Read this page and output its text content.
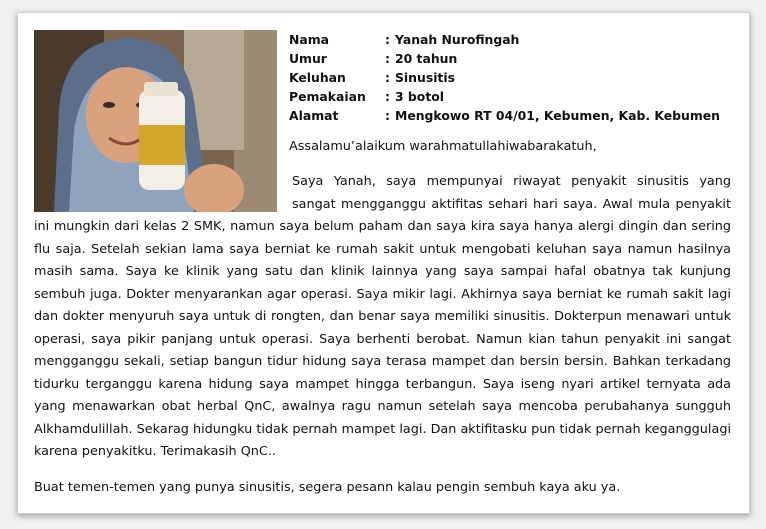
Nama	: Yanah Nurofingah
Umur	: 20 tahun
Keluhan	: Sinusitis
Pemakaian	: 3 botol
Alamat	: Mengkowo RT 04/01, Kebumen, Kab. Kebumen
Assalamu’alaikum warahmatullahiwabarakatuh,

Saya Yanah, saya mempunyai riwayat penyakit sinusitis yang sangat mengganggu aktifitas sehari hari saya. Awal mula penyakit ini mungkin dari kelas 2 SMK, namun saya belum paham dan saya kira saya hanya alergi dingin dan sering flu saja. Setelah sekian lama saya berniat ke rumah sakit untuk mengobati keluhan saya namun hasilnya masih sama. Saya ke klinik yang satu dan klinik lainnya yang saya sampai hafal obatnya tak kunjung sembuh juga. Dokter menyarankan agar operasi. Saya mikir lagi. Akhirnya saya berniat ke rumah sakit lagi dan dokter menyuruh saya untuk di rongten, dan benar saya memiliki sinusitis. Dokterpun menawari untuk operasi, saya pikir panjang untuk operasi. Saya berhenti berobat. Namun kian tahun penyakit ini sangat mengganggu sekali, setiap bangun tidur hidung saya terasa mampet dan bersin bersin. Bahkan terkadang tidurku terganggu karena hidung saya mampet hingga terbangun. Saya iseng nyari artikel ternyata ada yang menawarkan obat herbal QnC, awalnya ragu namun setelah saya mencoba perubahanya sungguh Alkhamdulillah. Sekarag hidungku tidak pernah mampet lagi. Dan aktifitasku pun tidak pernah keganggulagi karena penyakitku. Terimakasih QnC..

Buat temen-temen yang punya sinusitis, segera pesann kalau pengin sembuh kaya aku ya.
